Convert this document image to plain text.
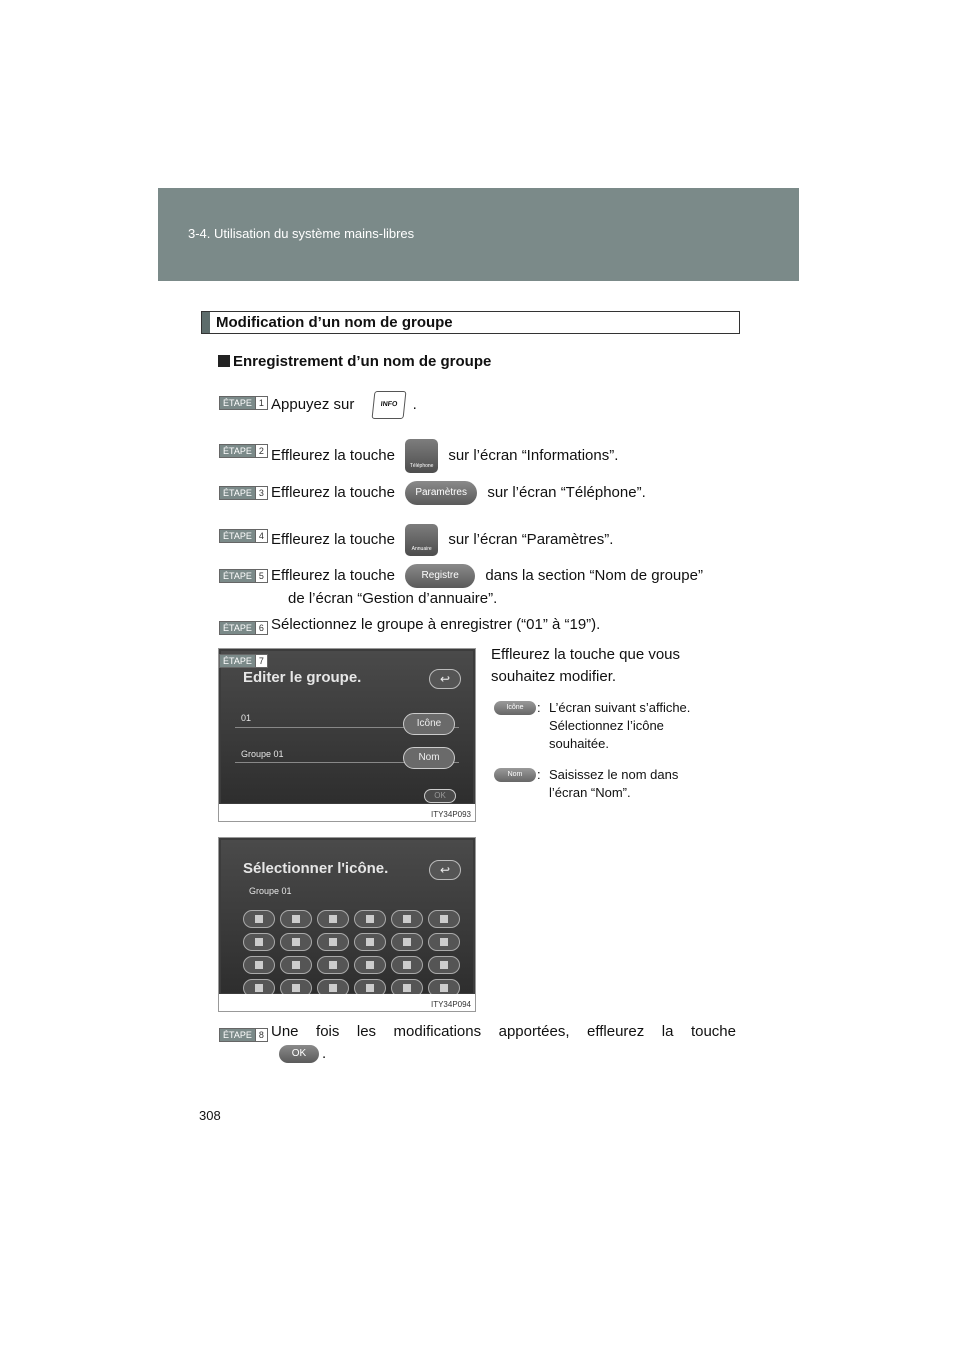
3-4. Utilisation du système mains-libres
Modification d’un nom de groupe
Enregistrement d’un nom de groupe
ÉTAPE 1 Appuyez sur	INFO .
ÉTAPE 2 Effleurez la touche Téléphone sur l’écran “Informations”.
ÉTAPE 3 Effleurez la touche Paramètres sur l’écran “Téléphone”.
ÉTAPE 4 Effleurez la touche Annuaire sur l’écran “Paramètres”.
ÉTAPE 5 Effleurez la touche	Registre dans la section “Nom de groupe”
de l’écran “Gestion d’annuaire”.
ÉTAPE 6 Sélectionnez le groupe à enregistrer (“01” à “19”).
ÉTAPE 7	Effleurez la touche que vous
souhaitez modifier.
Editer le groupe.	↩
01	Icône
Groupe 01	Nom
OK
ITY34P093
Icône	: L’écran suivant s’affiche.
Sélectionnez l’icône
souhaitée.
Nom	: Saisissez le nom dans
l’écran “Nom”.
Sélectionner l'icône.	↩
Groupe 01
ITY34P094
ÉTAPE 8 Une fois les modifications apportées, effleurez la touche
OK .
308
